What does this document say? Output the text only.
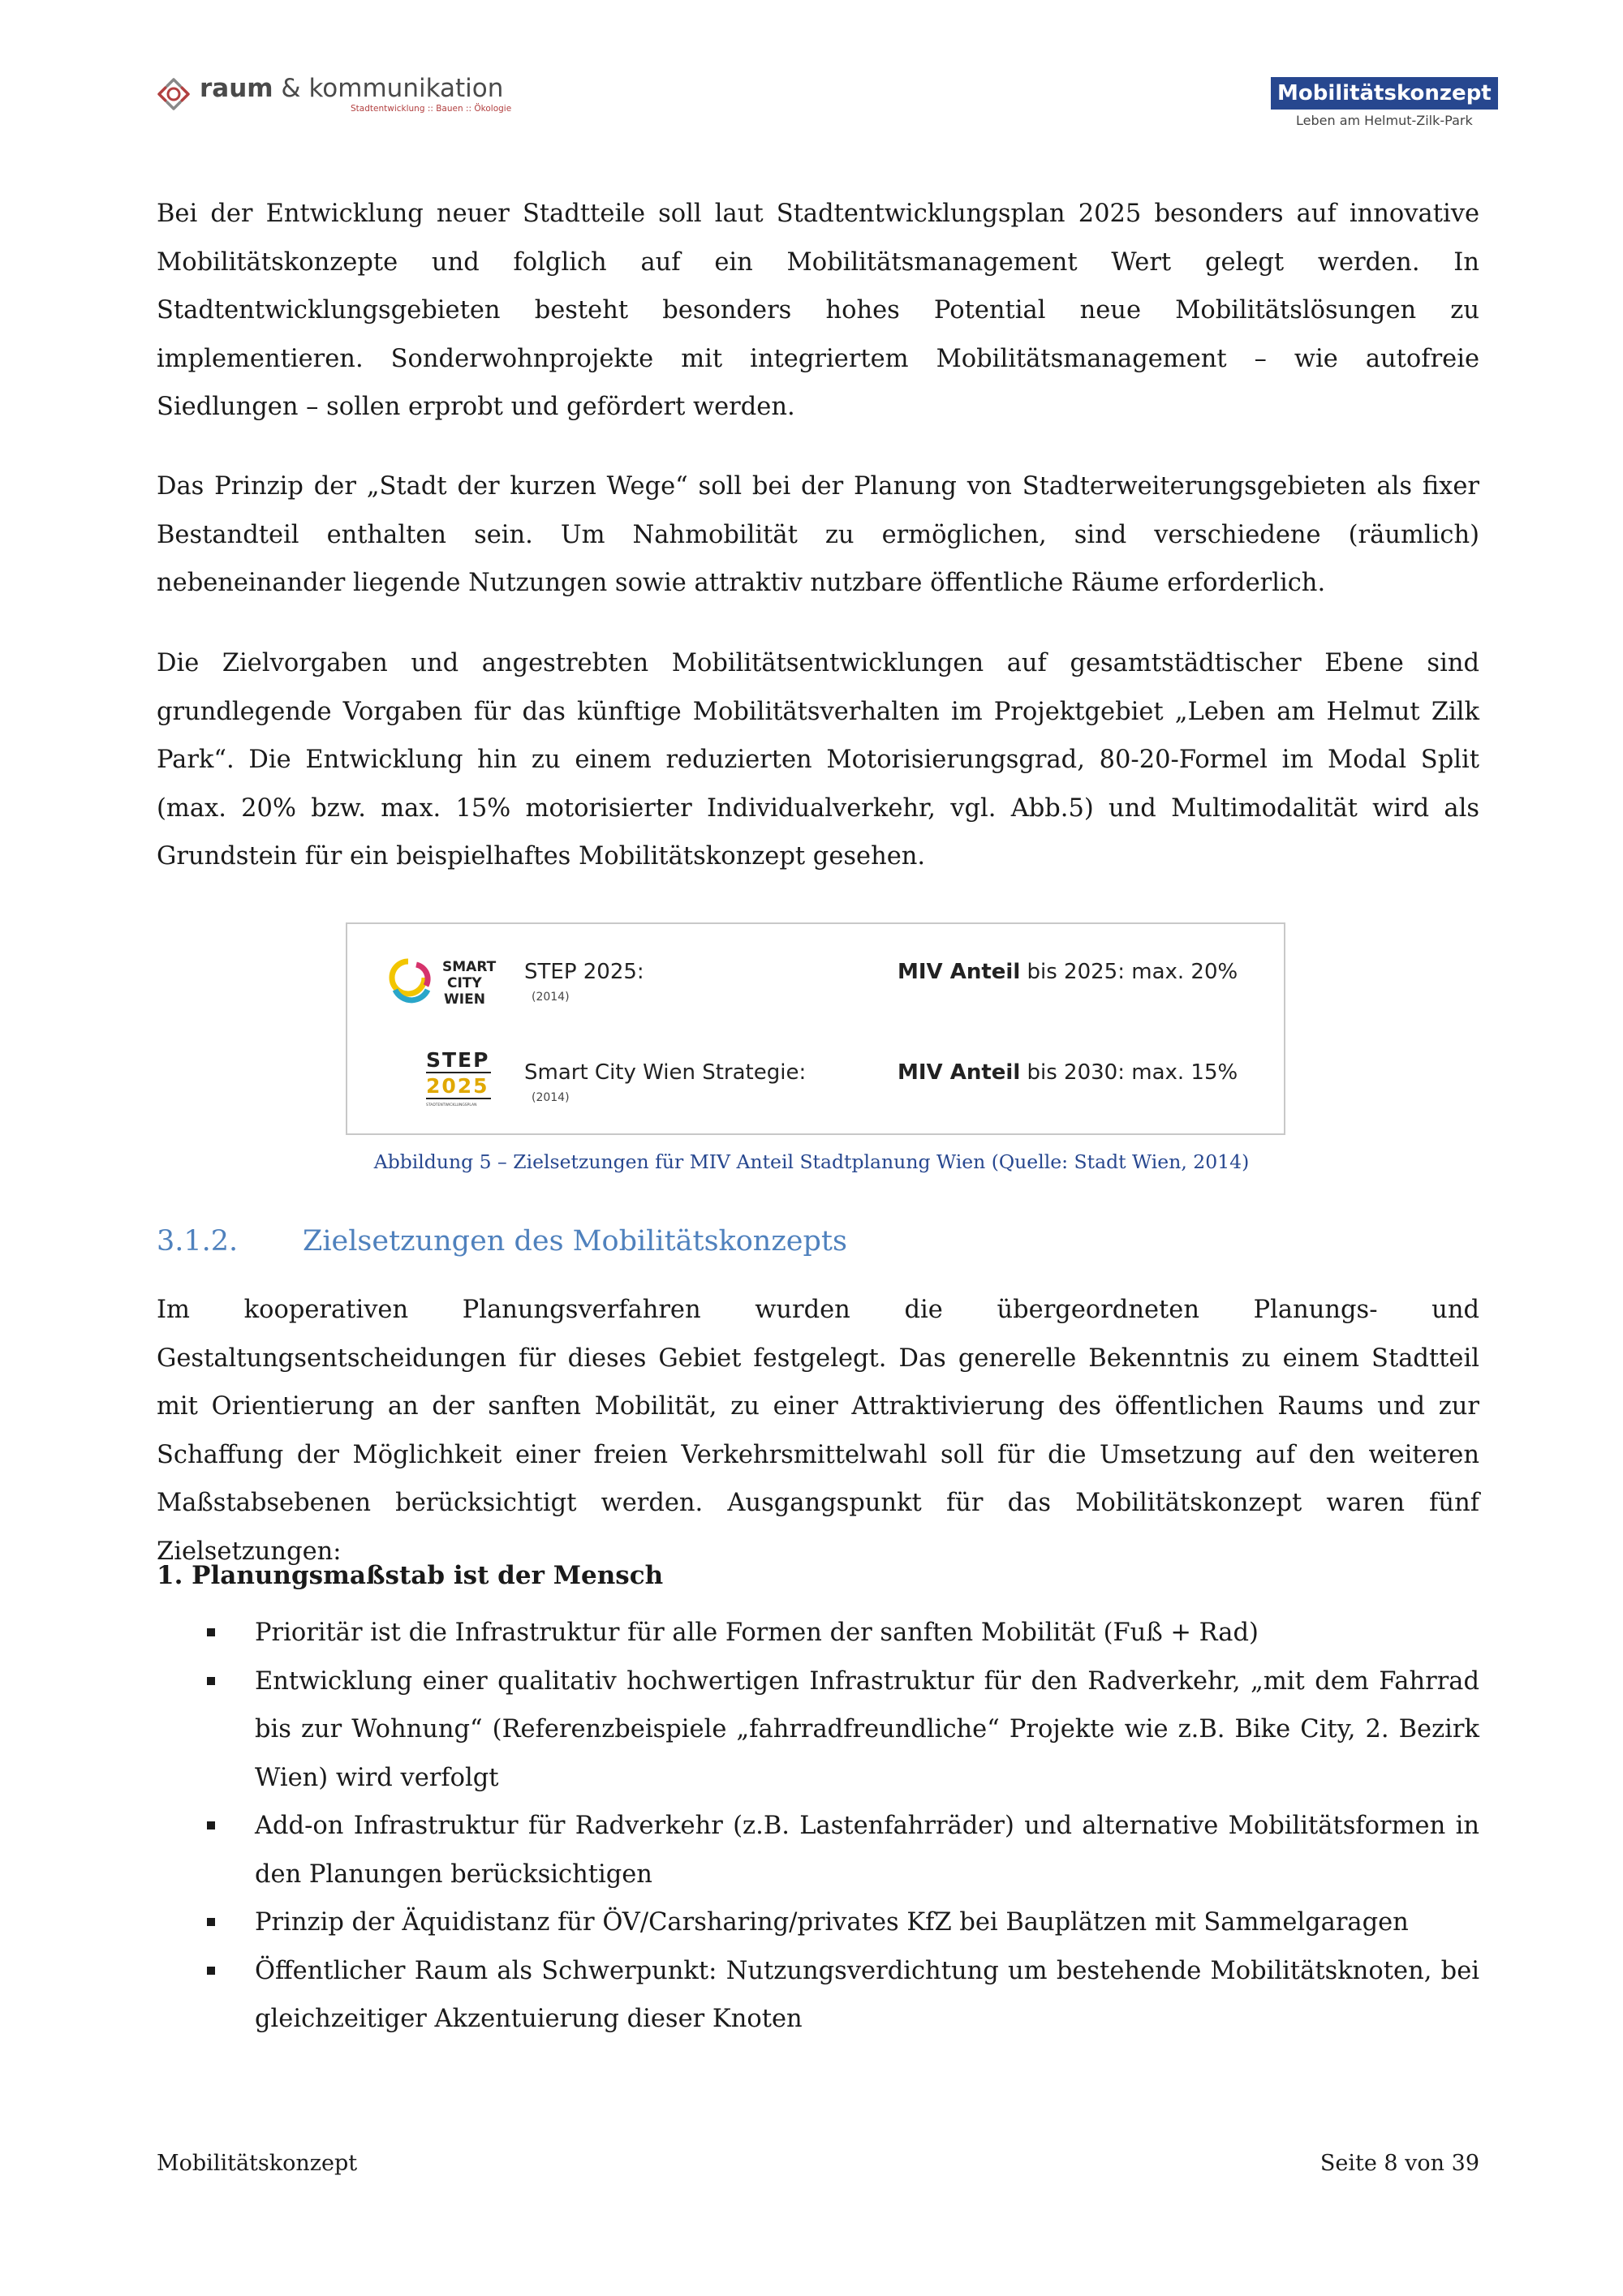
raum & kommunikation
Stadtentwicklung :: Bauen :: Ökologie
Mobilitätskonzept
Leben am Helmut-Zilk-Park

Bei der Entwicklung neuer Stadtteile soll laut Stadtentwicklungsplan 2025 besonders auf innovative Mobilitätskonzepte und folglich auf ein Mobilitätsmanagement Wert gelegt werden. In Stadtentwicklungsgebieten besteht besonders hohes Potential neue Mobilitätslösungen zu implementieren. Sonderwohnprojekte mit integriertem Mobilitätsmanagement – wie autofreie Siedlungen – sollen erprobt und gefördert werden.

Das Prinzip der „Stadt der kurzen Wege“ soll bei der Planung von Stadterweiterungsgebieten als fixer Bestandteil enthalten sein. Um Nahmobilität zu ermöglichen, sind verschiedene (räumlich) nebeneinander liegende Nutzungen sowie attraktiv nutzbare öffentliche Räume erforderlich.

Die Zielvorgaben und angestrebten Mobilitätsentwicklungen auf gesamtstädtischer Ebene sind grundlegende Vorgaben für das künftige Mobilitätsverhalten im Projektgebiet „Leben am Helmut Zilk Park“. Die Entwicklung hin zu einem reduzierten Motorisierungsgrad, 80-20-Formel im Modal Split (max. 20% bzw. max. 15% motorisierter Individualverkehr, vgl. Abb.5) und Multimodalität wird als Grundstein für ein beispielhaftes Mobilitätskonzept gesehen.

SMART
CITY
WIEN
STEP 2025:
(2014)
MIV Anteil bis 2025: max. 20%
STEP
2025
STADTENTWICKLUNGSPLAN
Smart City Wien Strategie:
(2014)
MIV Anteil bis 2030: max. 15%
Abbildung 5 – Zielsetzungen für MIV Anteil Stadtplanung Wien (Quelle: Stadt Wien, 2014)
3.1.2. Zielsetzungen des Mobilitätskonzepts

Im kooperativen Planungsverfahren wurden die übergeordneten Planungs- und Gestaltungsentscheidungen für dieses Gebiet festgelegt. Das generelle Bekenntnis zu einem Stadtteil mit Orientierung an der sanften Mobilität, zu einer Attraktivierung des öffentlichen Raums und zur Schaffung der Möglichkeit einer freien Verkehrsmittelwahl soll für die Umsetzung auf den weiteren Maßstabsebenen berücksichtigt werden. Ausgangspunkt für das Mobilitätskonzept waren fünf Zielsetzungen:

1. Planungsmaßstab ist der Mensch
Prioritär ist die Infrastruktur für alle Formen der sanften Mobilität (Fuß + Rad)
Entwicklung einer qualitativ hochwertigen Infrastruktur für den Radverkehr, „mit dem Fahrrad bis zur Wohnung“ (Referenzbeispiele „fahrradfreundliche“ Projekte wie z.B. Bike City, 2. Bezirk Wien) wird verfolgt
Add-on Infrastruktur für Radverkehr (z.B. Lastenfahrräder) und alternative Mobilitätsformen in den Planungen berücksichtigen
Prinzip der Äquidistanz für ÖV/Carsharing/privates KfZ bei Bauplätzen mit Sammelgaragen
Öffentlicher Raum als Schwerpunkt: Nutzungsverdichtung um bestehende Mobilitätsknoten, bei gleichzeitiger Akzentuierung dieser Knoten
Mobilitätskonzept	Seite 8 von 39
